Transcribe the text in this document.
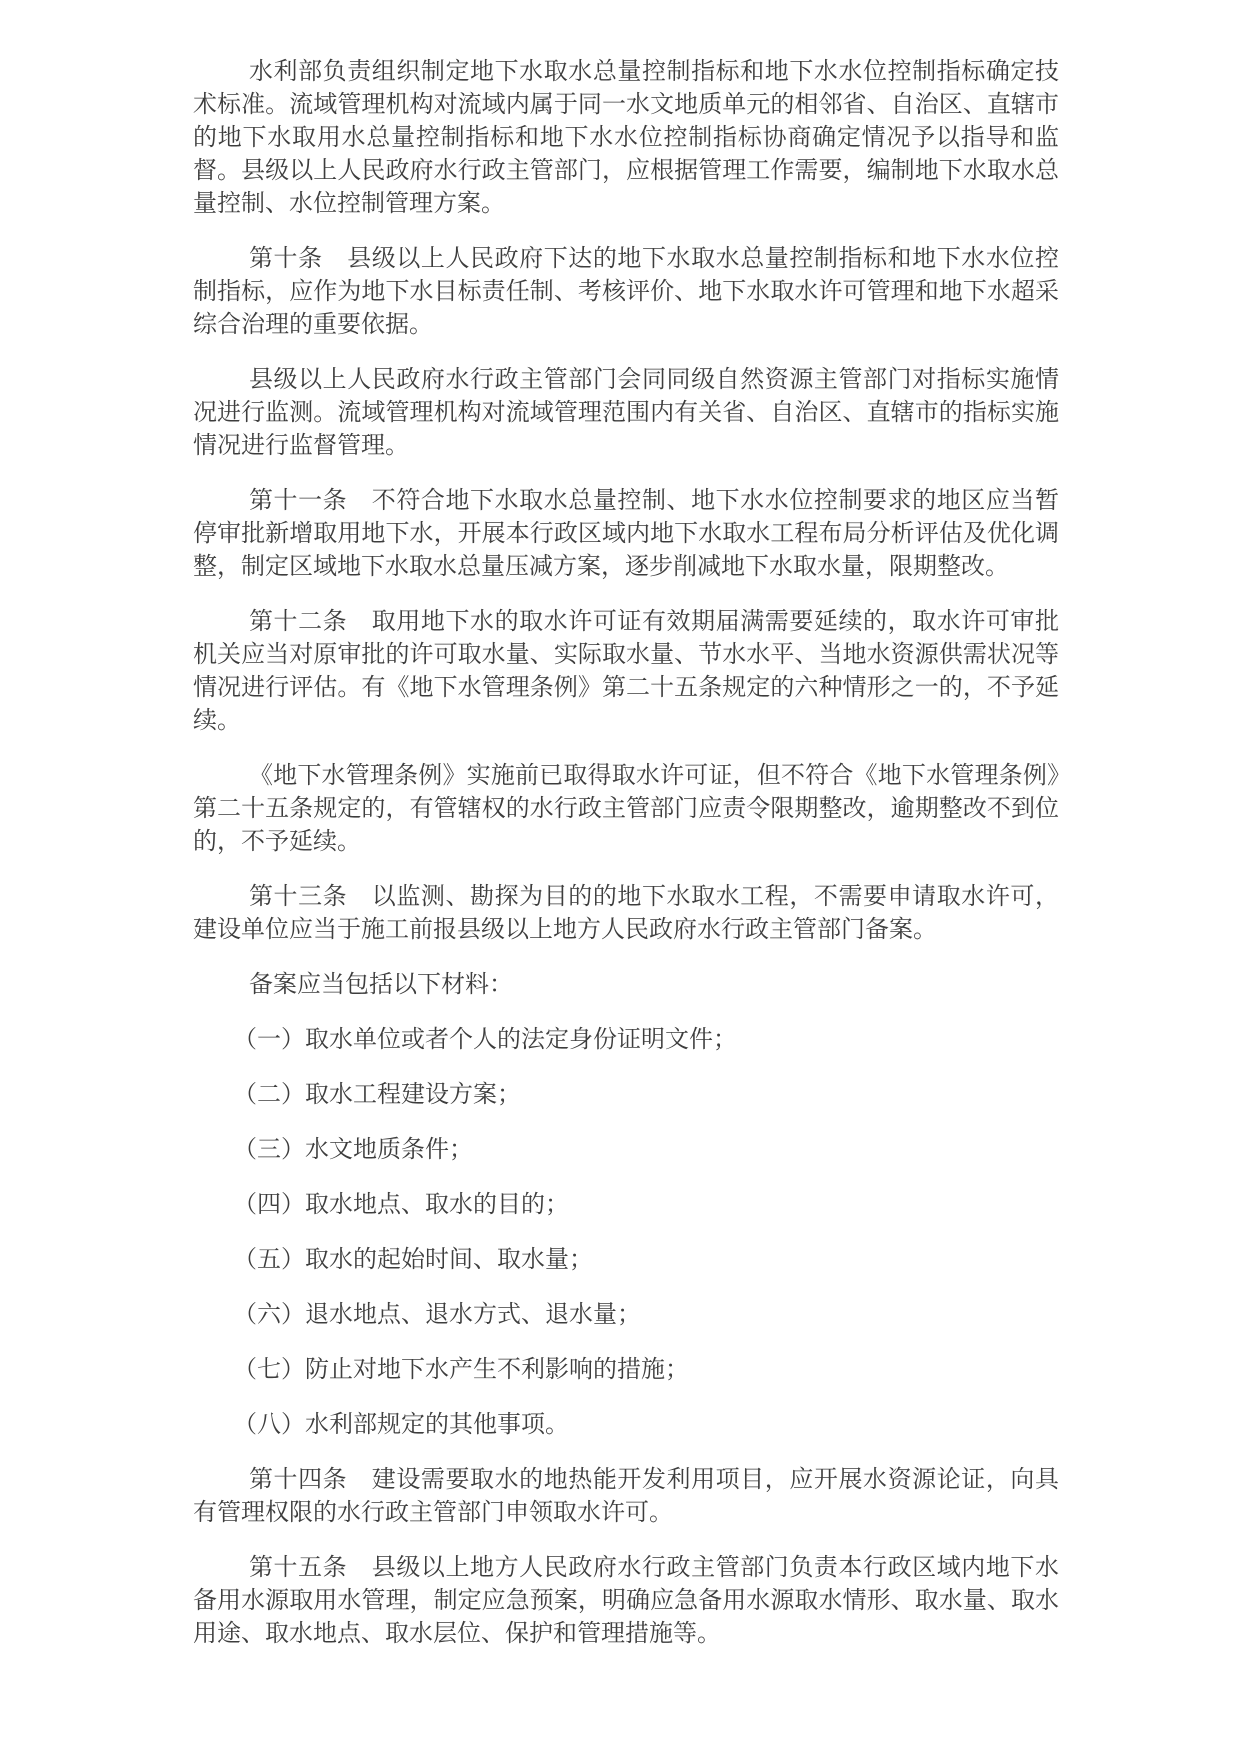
水利部负责组织制定地下水取水总量控制指标和地下水水位控制指标确定技术标准。流域管理机构对流域内属于同一水文地质单元的相邻省、自治区、直辖市的地下水取用水总量控制指标和地下水水位控制指标协商确定情况予以指导和监督。县级以上人民政府水行政主管部门，应根据管理工作需要，编制地下水取水总量控制、水位控制管理方案。

第十条　县级以上人民政府下达的地下水取水总量控制指标和地下水水位控制指标，应作为地下水目标责任制、考核评价、地下水取水许可管理和地下水超采综合治理的重要依据。

县级以上人民政府水行政主管部门会同同级自然资源主管部门对指标实施情况进行监测。流域管理机构对流域管理范围内有关省、自治区、直辖市的指标实施情况进行监督管理。

第十一条　不符合地下水取水总量控制、地下水水位控制要求的地区应当暂停审批新增取用地下水，开展本行政区域内地下水取水工程布局分析评估及优化调整，制定区域地下水取水总量压减方案，逐步削减地下水取水量，限期整改。

第十二条　取用地下水的取水许可证有效期届满需要延续的，取水许可审批机关应当对原审批的许可取水量、实际取水量、节水水平、当地水资源供需状况等情况进行评估。有《地下水管理条例》第二十五条规定的六种情形之一的，不予延续。

《地下水管理条例》实施前已取得取水许可证，但不符合《地下水管理条例》第二十五条规定的，有管辖权的水行政主管部门应责令限期整改，逾期整改不到位的，不予延续。

第十三条　以监测、勘探为目的的地下水取水工程，不需要申请取水许可，建设单位应当于施工前报县级以上地方人民政府水行政主管部门备案。

备案应当包括以下材料：

（一）取水单位或者个人的法定身份证明文件；

（二）取水工程建设方案；

（三）水文地质条件；

（四）取水地点、取水的目的；

（五）取水的起始时间、取水量；

（六）退水地点、退水方式、退水量；

（七）防止对地下水产生不利影响的措施；

（八）水利部规定的其他事项。

第十四条　建设需要取水的地热能开发利用项目，应开展水资源论证，向具有管理权限的水行政主管部门申领取水许可。

第十五条　县级以上地方人民政府水行政主管部门负责本行政区域内地下水备用水源取用水管理，制定应急预案，明确应急备用水源取水情形、取水量、取水用途、取水地点、取水层位、保护和管理措施等。
